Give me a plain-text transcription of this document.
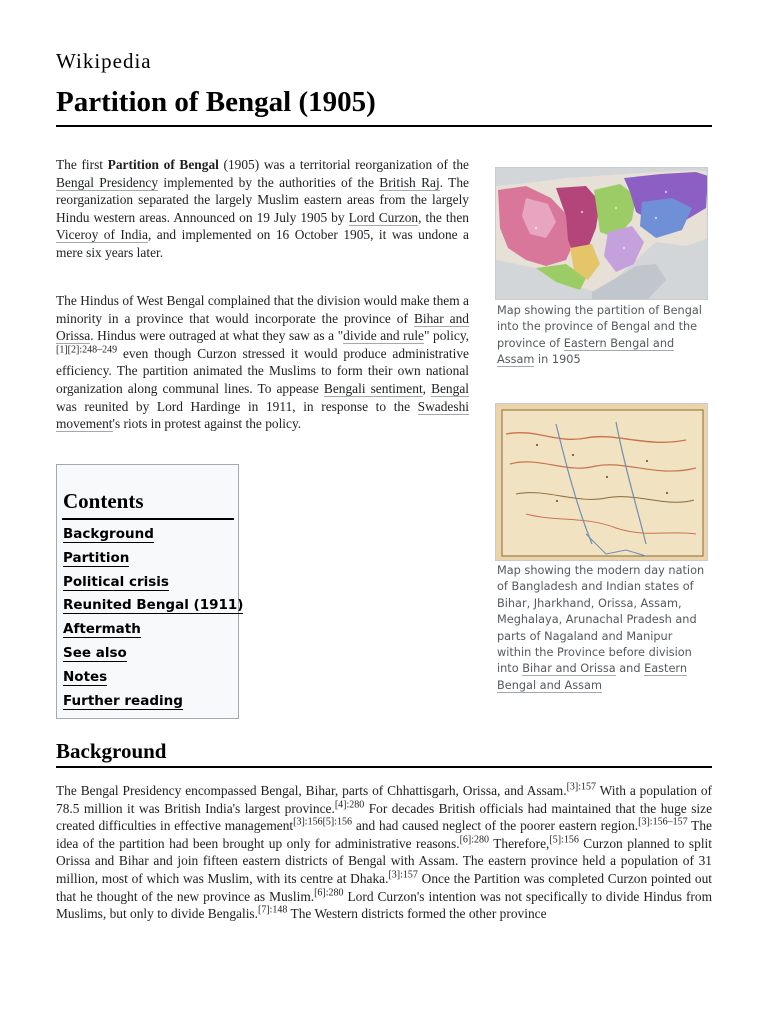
Wikipedia
Partition of Bengal (1905)

The first Partition of Bengal (1905) was a territorial reorganization of the Bengal Presidency implemented by the authorities of the British Raj. The reorganization separated the largely Muslim eastern areas from the largely Hindu western areas. Announced on 19 July 1905 by Lord Curzon, the then Viceroy of India, and implemented on 16 October 1905, it was undone a mere six years later.

The Hindus of West Bengal complained that the division would make them a minority in a province that would incorporate the province of Bihar and Orissa. Hindus were outraged at what they saw as a "divide and rule" policy,$^{[1][2]:248-249}$ even though Curzon stressed it would produce administrative efficiency. The partition animated the Muslims to form their own national organization along communal lines. To appease Bengali sentiment, Bengal was reunited by Lord Hardinge in 1911, in response to the Swadeshi movement's riots in protest against the policy.

Contents
Background
Partition
Political crisis
Reunited Bengal (1911)
Aftermath
See also
Notes
Further reading

Map showing the partition of Bengal into the province of Bengal and the province of Eastern Bengal and Assam in 1905

Map showing the modern day nation of Bangladesh and Indian states of Bihar, Jharkhand, Orissa, Assam, Meghalaya, Arunachal Pradesh and parts of Nagaland and Manipur within the Province before division into Bihar and Orissa and Eastern Bengal and Assam

Background

The Bengal Presidency encompassed Bengal, Bihar, parts of Chhattisgarh, Orissa, and Assam.$^{[3]:157}$ With a population of 78.5 million it was British India's largest province.$^{[4]:280}$ For decades British officials had maintained that the huge size created difficulties in effective management$^{[3]:156[5]:156}$ and had caused neglect of the poorer eastern region.$^{[3]:156-157}$ The idea of the partition had been brought up only for administrative reasons.$^{[6]:280}$ Therefore,$^{[5]:156}$ Curzon planned to split Orissa and Bihar and join fifteen eastern districts of Bengal with Assam. The eastern province held a population of 31 million, most of which was Muslim, with its centre at Dhaka.$^{[3]:157}$ Once the Partition was completed Curzon pointed out that he thought of the new province as Muslim.$^{[6]:280}$ Lord Curzon's intention was not specifically to divide Hindus from Muslims, but only to divide Bengalis.$^{[7]:148}$ The Western districts formed the other province
